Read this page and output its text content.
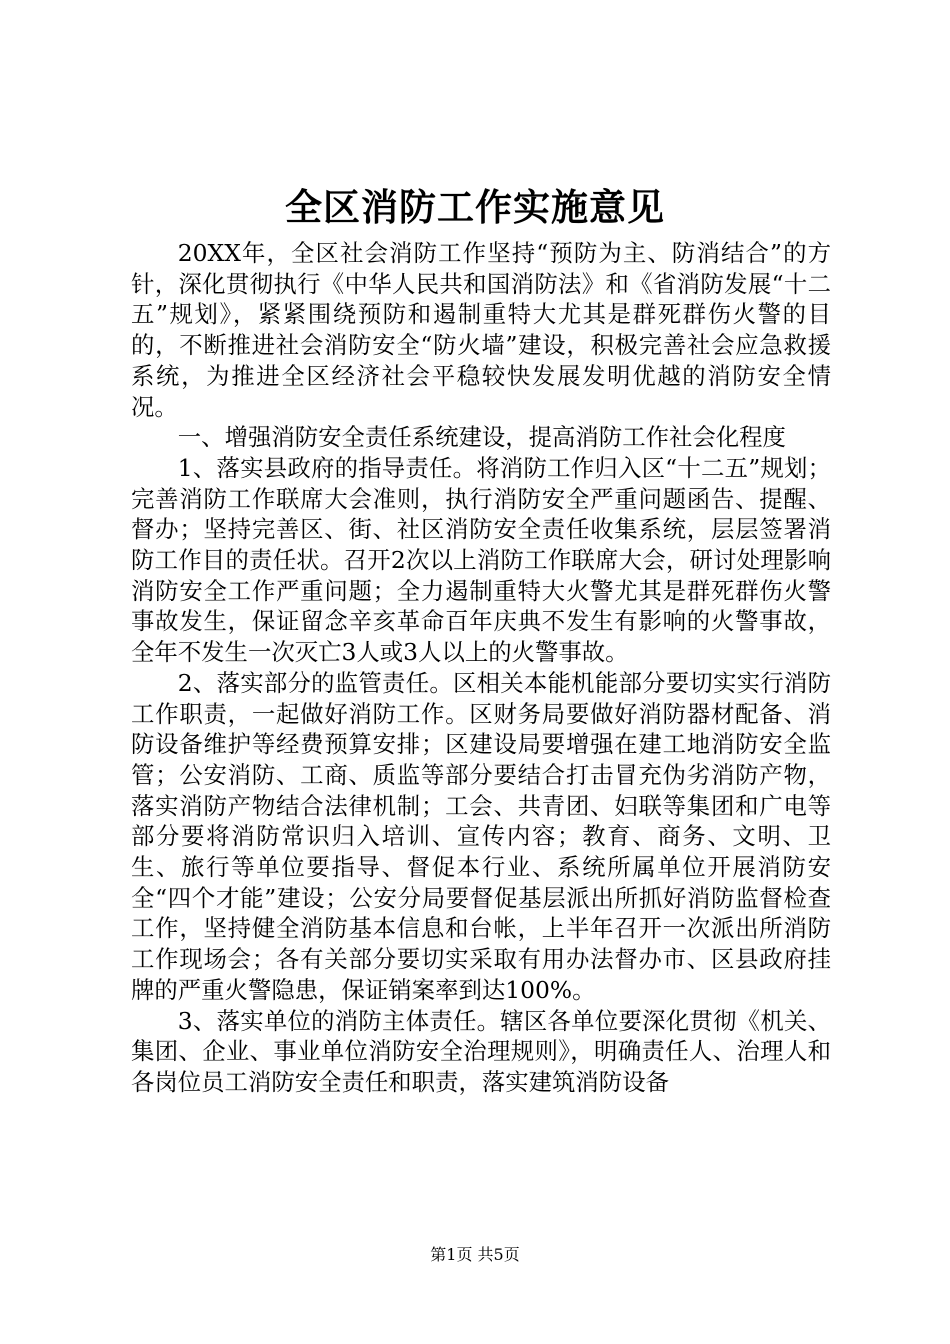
全区消防工作实施意见

20XX年，全区社会消防工作坚持“预防为主、防消结合”的方针，深化贯彻执行《中华人民共和国消防法》和《省消防发展“十二五”规划》，紧紧围绕预防和遏制重特大尤其是群死群伤火警的目的，不断推进社会消防安全“防火墙”建设，积极完善社会应急救援系统，为推进全区经济社会平稳较快发展发明优越的消防安全情况。

一、增强消防安全责任系统建设，提高消防工作社会化程度

1、落实县政府的指导责任。将消防工作归入区“十二五”规划；完善消防工作联席大会准则，执行消防安全严重问题函告、提醒、督办；坚持完善区、街、社区消防安全责任收集系统，层层签署消防工作目的责任状。召开2次以上消防工作联席大会，研讨处理影响消防安全工作严重问题；全力遏制重特大火警尤其是群死群伤火警事故发生，保证留念辛亥革命百年庆典不发生有影响的火警事故，全年不发生一次灭亡3人或3人以上的火警事故。

2、落实部分的监管责任。区相关本能机能部分要切实实行消防工作职责，一起做好消防工作。区财务局要做好消防器材配备、消防设备维护等经费预算安排；区建设局要增强在建工地消防安全监管；公安消防、工商、质监等部分要结合打击冒充伪劣消防产物，落实消防产物结合法律机制；工会、共青团、妇联等集团和广电等部分要将消防常识归入培训、宣传内容；教育、商务、文明、卫生、旅行等单位要指导、督促本行业、系统所属单位开展消防安全“四个才能”建设；公安分局要督促基层派出所抓好消防监督检查工作，坚持健全消防基本信息和台帐，上半年召开一次派出所消防工作现场会；各有关部分要切实采取有用办法督办市、区县政府挂牌的严重火警隐患，保证销案率到达100%。

3、落实单位的消防主体责任。辖区各单位要深化贯彻《机关、集团、企业、事业单位消防安全治理规则》，明确责任人、治理人和各岗位员工消防安全责任和职责，落实建筑消防设备

第1页 共5页
